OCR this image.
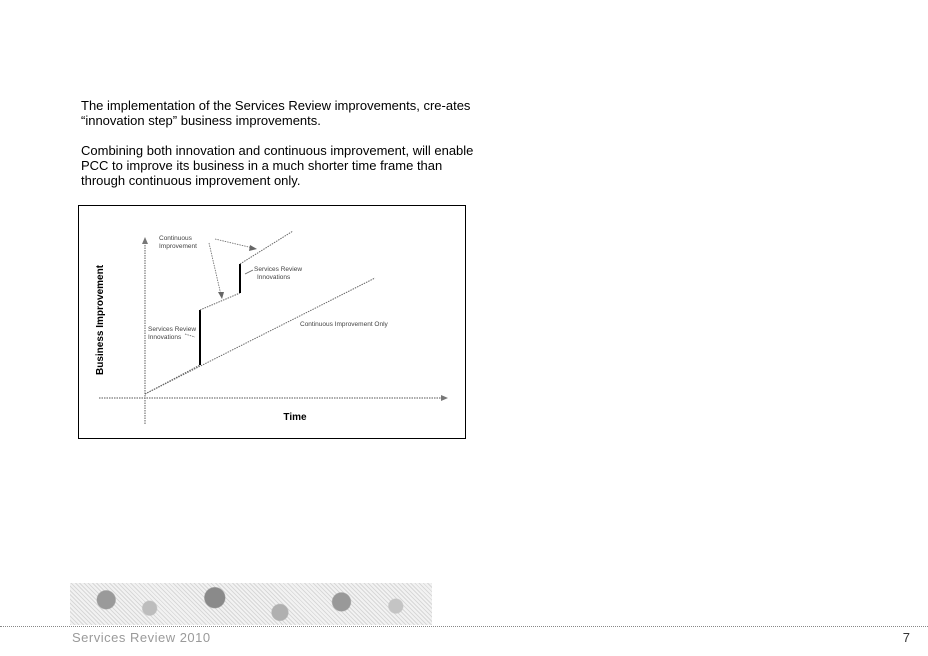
The implementation of the Services Review improvements, cre-ates “innovation step” business improvements.

Combining both innovation and continuous improvement, will enable PCC to improve its business in a much shorter time frame than through continuous improvement only.

Continuous
Improvement
Services Review
Innovations
Services Review
Innovations
Continuous Improvement Only
Business Improvement
Time
Services Review 2010	7
